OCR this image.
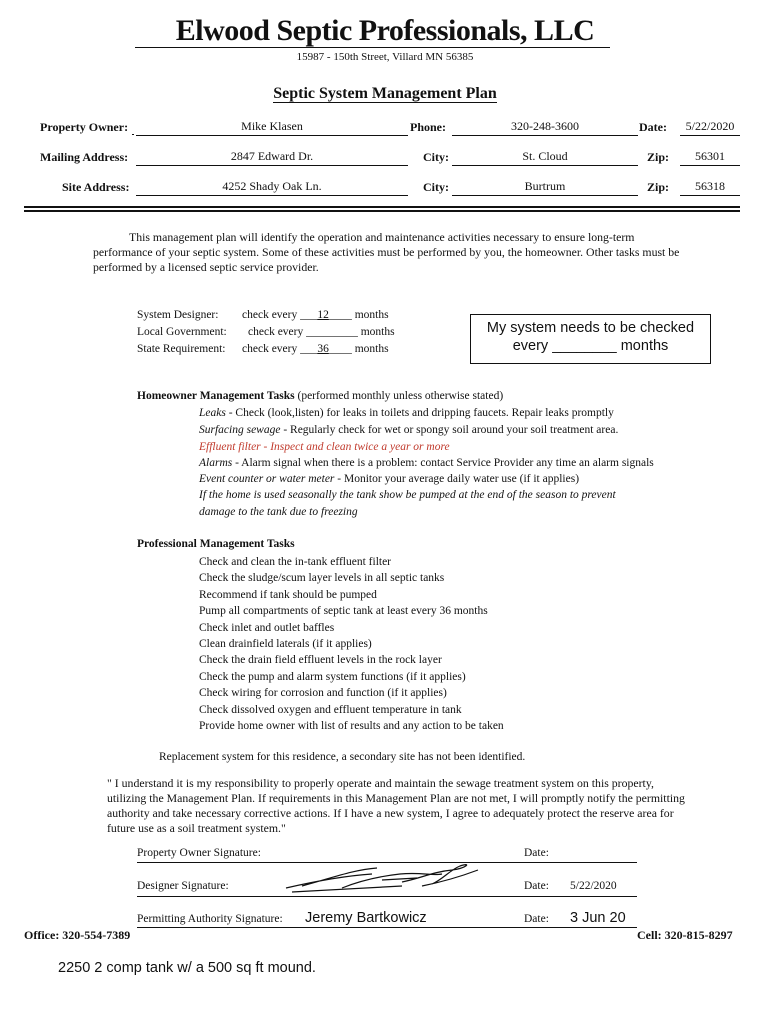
Elwood Septic Professionals, LLC
15987 - 150th Street, Villard MN 56385
Septic System Management Plan
Property Owner:	Mike Klasen	Phone:	320-248-3600	Date:	5/22/2020
Mailing Address:	2847 Edward Dr.	City:	St. Cloud	Zip:	56301
Site Address:	4252 Shady Oak Ln.	City:	Burtrum	Zip:	56318
This management plan will identify the operation and maintenance activities necessary to ensure long-term performance of your septic system. Some of these activities must be performed by you, the homeowner. Other tasks must be performed by a licensed septic service provider.
System Designer: check every ___12____ months
Local Government: check every _________ months
State Requirement: check every ___36____ months
My system needs to be checked
every ________ months
Homeowner Management Tasks (performed monthly unless otherwise stated)
Leaks - Check (look,listen) for leaks in toilets and dripping faucets. Repair leaks promptly
Surfacing sewage - Regularly check for wet or spongy soil around your soil treatment area.
Effluent filter - Inspect and clean twice a year or more
Alarms - Alarm signal when there is a problem: contact Service Provider any time an alarm signals
Event counter or water meter - Monitor your average daily water use (if it applies)
If the home is used seasonally the tank show be pumped at the end of the season to prevent
damage to the tank due to freezing
Professional Management Tasks
Check and clean the in-tank effluent filter
Check the sludge/scum layer levels in all septic tanks
Recommend if tank should be pumped
Pump all compartments of septic tank at least every 36 months
Check inlet and outlet baffles
Clean drainfield laterals (if it applies)
Check the drain field effluent levels in the rock layer
Check the pump and alarm system functions (if it applies)
Check wiring for corrosion and function (if it applies)
Check dissolved oxygen and effluent temperature in tank
Provide home owner with list of results and any action to be taken
Replacement system for this residence, a secondary site has not been identified.
" I understand it is my responsibility to properly operate and maintain the sewage treatment system on this property, utilizing the Management Plan. If requirements in this Management Plan are not met, I will promptly notify the permitting authority and take necessary corrective actions. If I have a new system, I agree to adequately protect the reserve area for future use as a soil treatment system."
Property Owner Signature:	Date:
Designer Signature:	Date: 5/22/2020
Permitting Authority Signature: Jeremy Bartkowicz	Date: 3 Jun 20
Office: 320-554-7389	Cell: 320-815-8297
2250 2 comp tank w/ a 500 sq ft mound.
